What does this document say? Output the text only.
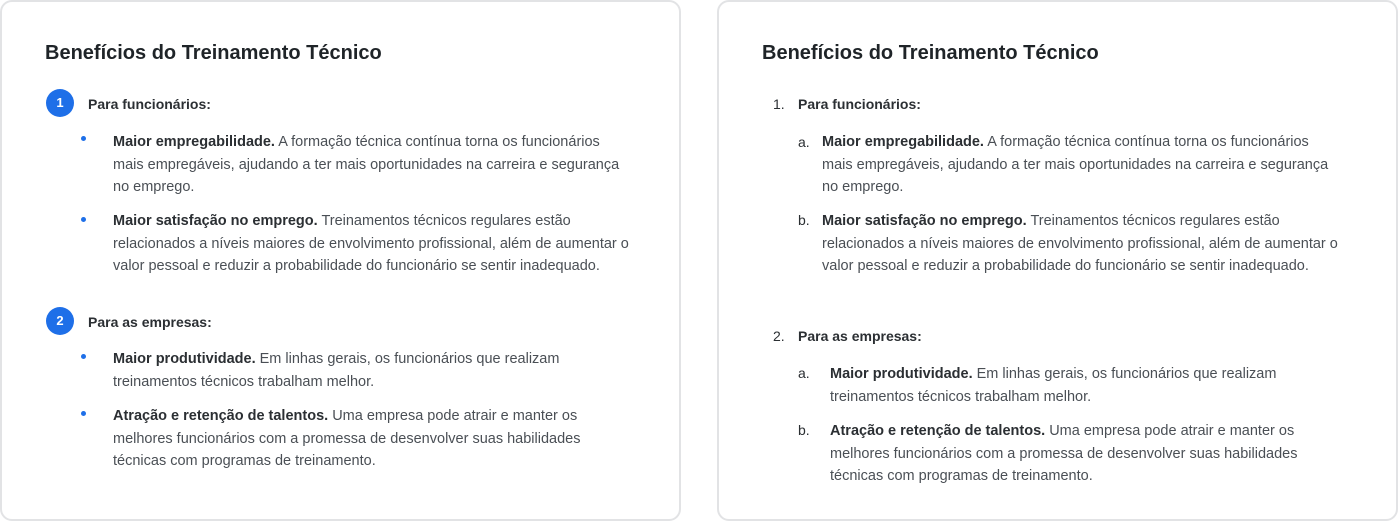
Benefícios do Treinamento Técnico
1	Para funcionários:
Maior empregabilidade. A formação técnica contínua torna os funcionários mais empregáveis, ajudando a ter mais oportunidades na carreira e segurança no emprego.
Maior satisfação no emprego. Treinamentos técnicos regulares estão relacionados a níveis maiores de envolvimento profissional, além de aumentar o valor pessoal e reduzir a probabilidade do funcionário se sentir inadequado.
2	Para as empresas:
Maior produtividade. Em linhas gerais, os funcionários que realizam treinamentos técnicos trabalham melhor.
Atração e retenção de talentos. Uma empresa pode atrair e manter os melhores funcionários com a promessa de desenvolver suas habilidades técnicas com programas de treinamento.
Benefícios do Treinamento Técnico
1. Para funcionários:
a. Maior empregabilidade. A formação técnica contínua torna os funcionários mais empregáveis, ajudando a ter mais oportunidades na carreira e segurança no emprego.
b. Maior satisfação no emprego. Treinamentos técnicos regulares estão relacionados a níveis maiores de envolvimento profissional, além de aumentar o valor pessoal e reduzir a probabilidade do funcionário se sentir inadequado.
2. Para as empresas:
a. Maior produtividade. Em linhas gerais, os funcionários que realizam treinamentos técnicos trabalham melhor.
b. Atração e retenção de talentos. Uma empresa pode atrair e manter os melhores funcionários com a promessa de desenvolver suas habilidades técnicas com programas de treinamento.
